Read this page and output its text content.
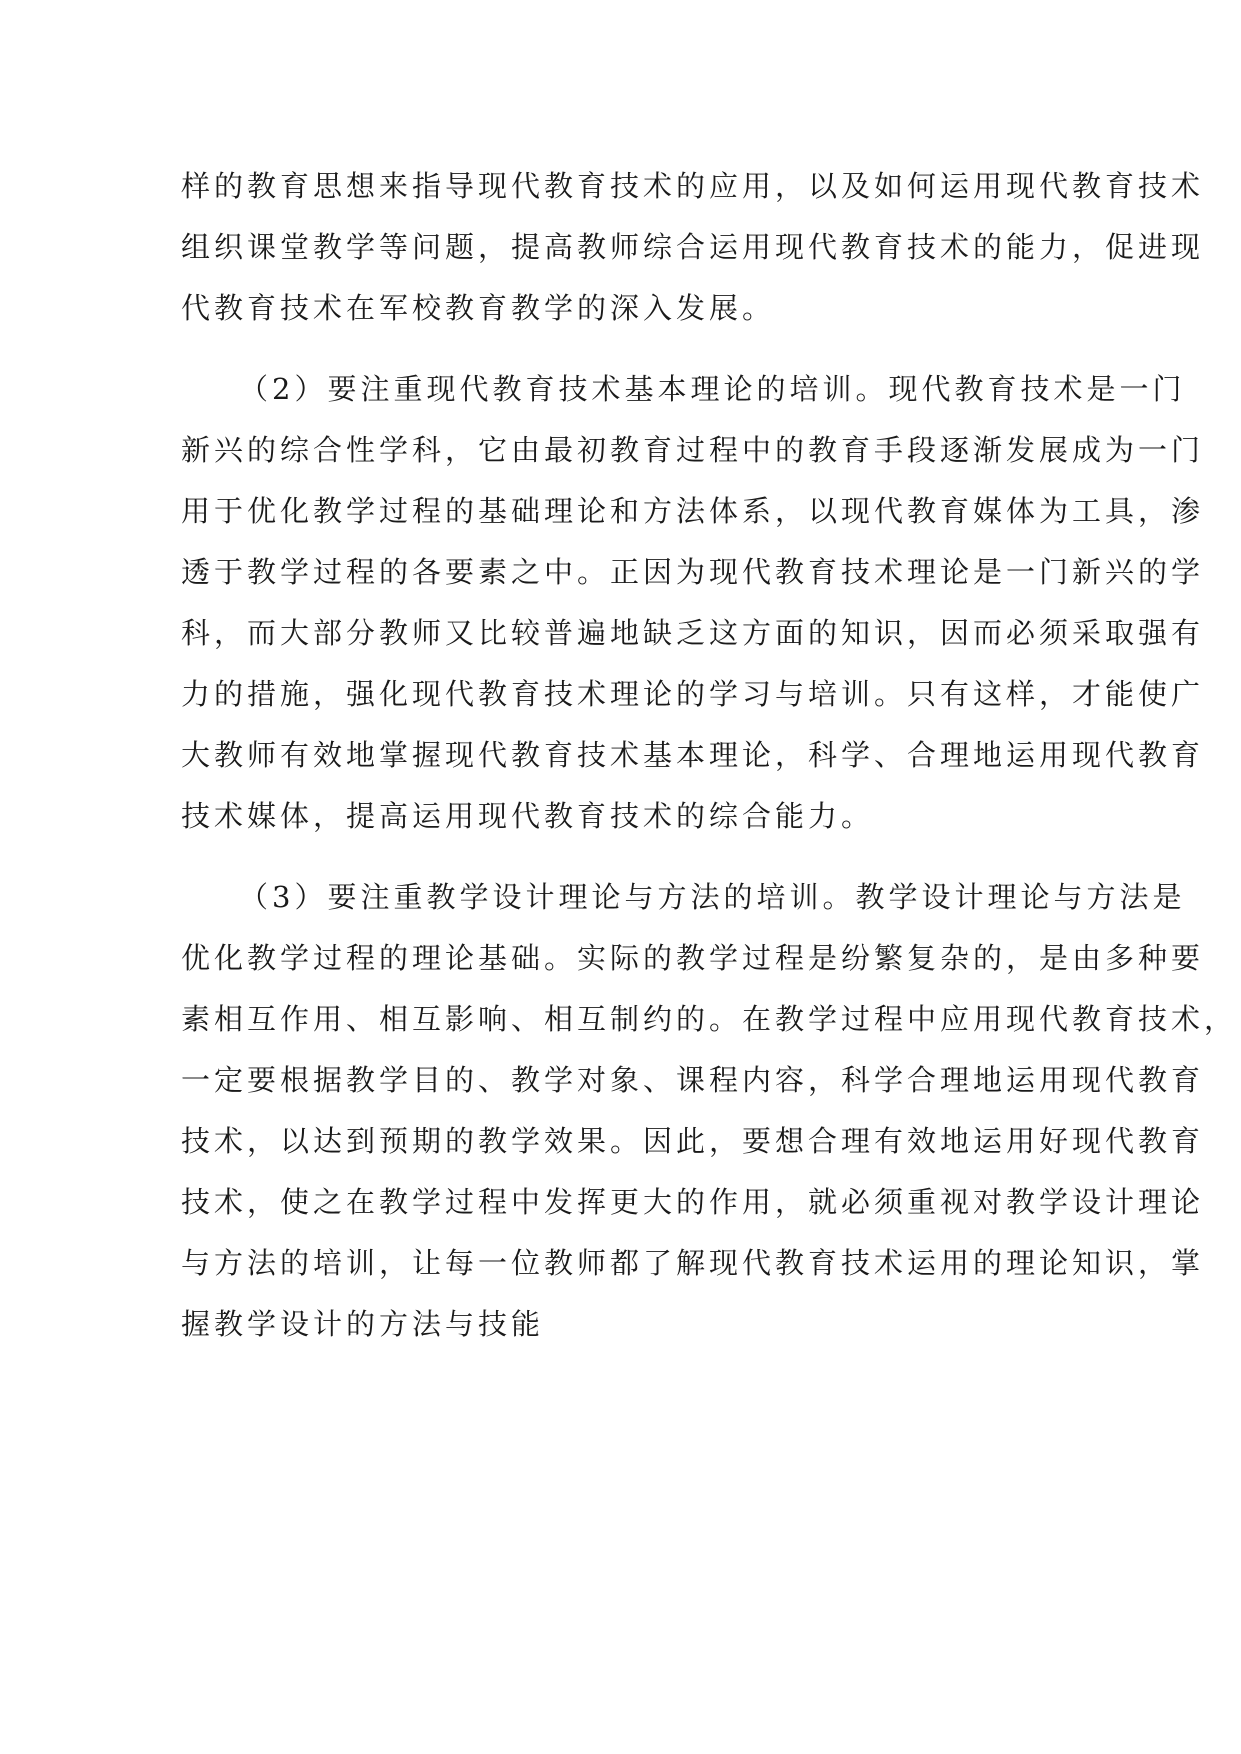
样的教育思想来指导现代教育技术的应用，以及如何运用现代教育技术
组织课堂教学等问题，提高教师综合运用现代教育技术的能力，促进现
代教育技术在军校教育教学的深入发展。
（2）要注重现代教育技术基本理论的培训。现代教育技术是一门
新兴的综合性学科，它由最初教育过程中的教育手段逐渐发展成为一门
用于优化教学过程的基础理论和方法体系，以现代教育媒体为工具，渗
透于教学过程的各要素之中。正因为现代教育技术理论是一门新兴的学
科，而大部分教师又比较普遍地缺乏这方面的知识，因而必须采取强有
力的措施，强化现代教育技术理论的学习与培训。只有这样，才能使广
大教师有效地掌握现代教育技术基本理论，科学、合理地运用现代教育
技术媒体，提高运用现代教育技术的综合能力。
（3）要注重教学设计理论与方法的培训。教学设计理论与方法是
优化教学过程的理论基础。实际的教学过程是纷繁复杂的，是由多种要
素相互作用、相互影响、相互制约的。在教学过程中应用现代教育技术，
一定要根据教学目的、教学对象、课程内容，科学合理地运用现代教育
技术，以达到预期的教学效果。因此，要想合理有效地运用好现代教育
技术，使之在教学过程中发挥更大的作用，就必须重视对教学设计理论
与方法的培训，让每一位教师都了解现代教育技术运用的理论知识，掌
握教学设计的方法与技能
